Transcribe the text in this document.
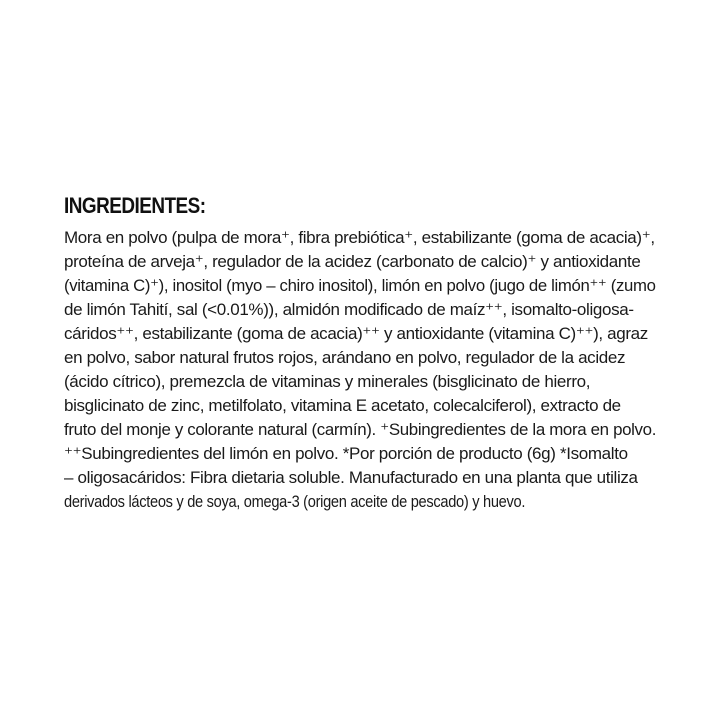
INGREDIENTES:
Mora en polvo (pulpa de mora⁺, fibra prebiótica⁺, estabilizante (goma de acacia)⁺,
proteína de arveja⁺, regulador de la acidez (carbonato de calcio)⁺ y antioxidante
(vitamina C)⁺), inositol (myo – chiro inositol), limón en polvo (jugo de limón⁺⁺ (zumo
de limón Tahití, sal (<0.01%)), almidón modificado de maíz⁺⁺, isomalto-oligosa-
cáridos⁺⁺, estabilizante (goma de acacia)⁺⁺ y antioxidante (vitamina C)⁺⁺), agraz
en polvo, sabor natural frutos rojos, arándano en polvo, regulador de la acidez
(ácido cítrico), premezcla de vitaminas y minerales (bisglicinato de hierro,
bisglicinato de zinc, metilfolato, vitamina E acetato, colecalciferol), extracto de
fruto del monje y colorante natural (carmín). ⁺Subingredientes de la mora en polvo.
⁺⁺Subingredientes del limón en polvo. *Por porción de producto (6g) *Isomalto
– oligosacáridos: Fibra dietaria soluble. Manufacturado en una planta que utiliza
derivados lácteos y de soya, omega-3 (origen aceite de pescado) y huevo.
